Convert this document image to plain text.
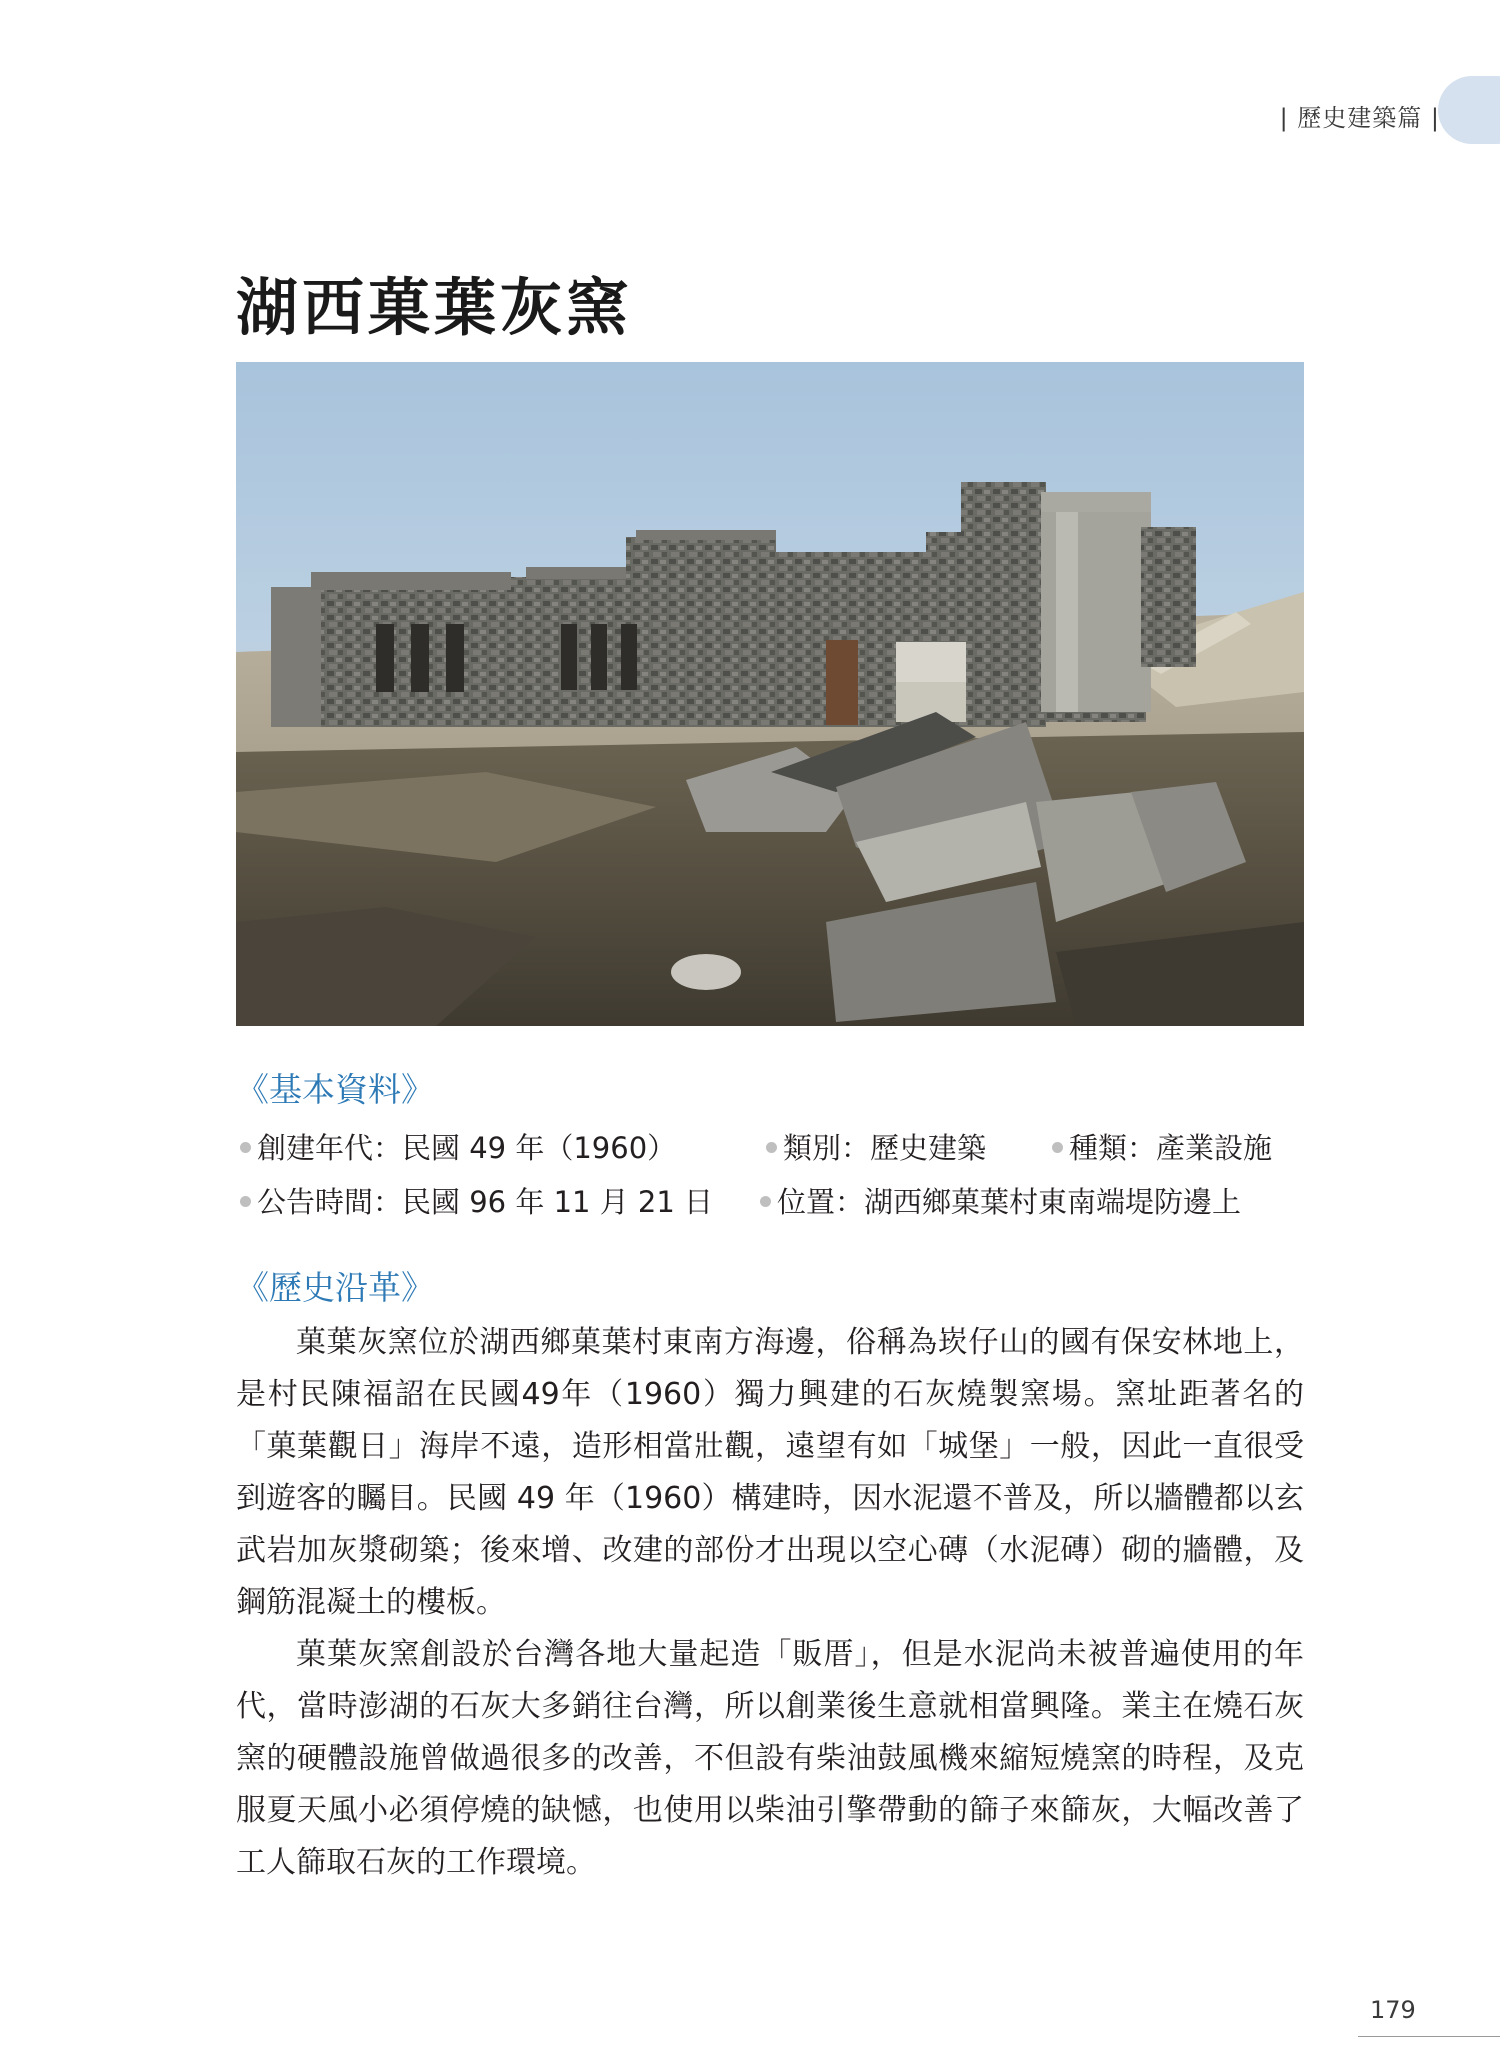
| 歷史建築篇 |
湖西菓葉灰窯
《基本資料》
創建年代：民國 49 年（1960）	類別：歷史建築	種類：產業設施
公告時間：民國 96 年 11 月 21 日	位置：湖西鄉菓葉村東南端堤防邊上
《歷史沿革》

菓葉灰窯位於湖西鄉菓葉村東南方海邊，俗稱為崁仔山的國有保安林地上，是村民陳福詔在民國49年（1960）獨力興建的石灰燒製窯場。窯址距著名的「菓葉觀日」海岸不遠，造形相當壯觀，遠望有如「城堡」一般，因此一直很受到遊客的矚目。民國 49 年（1960）構建時，因水泥還不普及，所以牆體都以玄武岩加灰漿砌築；後來增、改建的部份才出現以空心磚（水泥磚）砌的牆體，及鋼筋混凝土的樓板。

菓葉灰窯創設於台灣各地大量起造「販厝」，但是水泥尚未被普遍使用的年代，當時澎湖的石灰大多銷往台灣，所以創業後生意就相當興隆。業主在燒石灰窯的硬體設施曾做過很多的改善，不但設有柴油鼓風機來縮短燒窯的時程，及克服夏天風小必須停燒的缺憾，也使用以柴油引擎帶動的篩子來篩灰，大幅改善了工人篩取石灰的工作環境。

179
